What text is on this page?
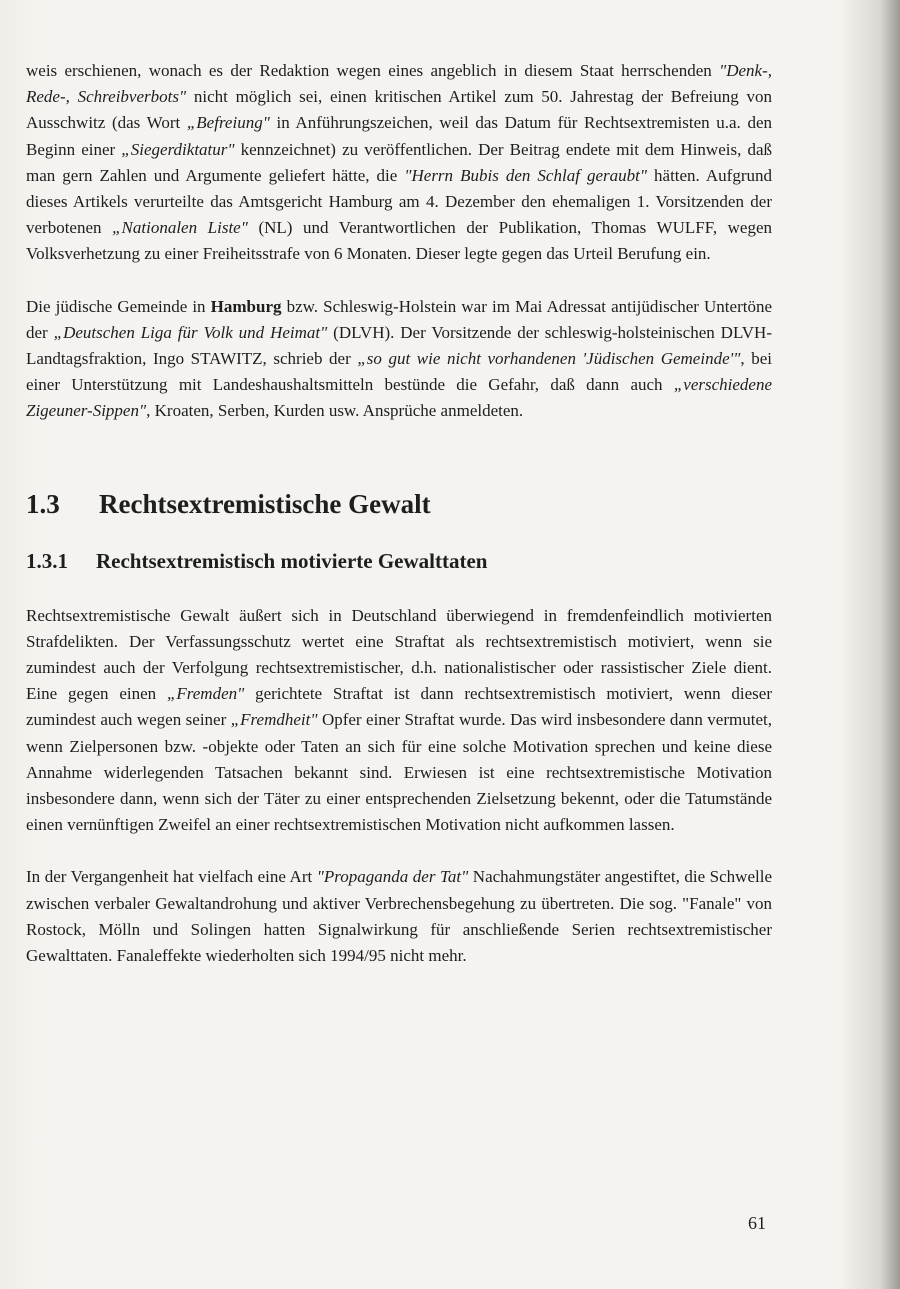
weis erschienen, wonach es der Redaktion wegen eines angeblich in diesem Staat herrschenden "Denk-, Rede-, Schreibverbots" nicht möglich sei, einen kritischen Artikel zum 50. Jahrestag der Befreiung von Ausschwitz (das Wort „Befreiung" in Anführungszeichen, weil das Datum für Rechtsextremisten u.a. den Beginn einer „Siegerdiktatur" kennzeichnet) zu veröffentlichen. Der Beitrag endete mit dem Hinweis, daß man gern Zahlen und Argumente geliefert hätte, die "Herrn Bubis den Schlaf geraubt" hätten. Aufgrund dieses Artikels verurteilte das Amtsgericht Hamburg am 4. Dezember den ehemaligen 1. Vorsitzenden der verbotenen „Nationalen Liste" (NL) und Verantwortlichen der Publikation, Thomas WULFF, wegen Volksverhetzung zu einer Freiheitsstrafe von 6 Monaten. Dieser legte gegen das Urteil Berufung ein.

Die jüdische Gemeinde in Hamburg bzw. Schleswig-Holstein war im Mai Adressat antijüdischer Untertöne der „Deutschen Liga für Volk und Heimat" (DLVH). Der Vorsitzende der schleswig-holsteinischen DLVH-Landtagsfraktion, Ingo STAWITZ, schrieb der „so gut wie nicht vorhandenen 'Jüdischen Gemeinde'", bei einer Unterstützung mit Landeshaushaltsmitteln bestünde die Gefahr, daß dann auch „verschiedene Zigeuner-Sippen", Kroaten, Serben, Kurden usw. Ansprüche anmeldeten.

1.3 Rechtsextremistische Gewalt
1.3.1 Rechtsextremistisch motivierte Gewalttaten

Rechtsextremistische Gewalt äußert sich in Deutschland überwiegend in fremdenfeindlich motivierten Strafdelikten. Der Verfassungsschutz wertet eine Straftat als rechtsextremistisch motiviert, wenn sie zumindest auch der Verfolgung rechtsextremistischer, d.h. nationalistischer oder rassistischer Ziele dient. Eine gegen einen „Fremden" gerichtete Straftat ist dann rechtsextremistisch motiviert, wenn dieser zumindest auch wegen seiner „Fremdheit" Opfer einer Straftat wurde. Das wird insbesondere dann vermutet, wenn Zielpersonen bzw. -objekte oder Taten an sich für eine solche Motivation sprechen und keine diese Annahme widerlegenden Tatsachen bekannt sind. Erwiesen ist eine rechtsextremistische Motivation insbesondere dann, wenn sich der Täter zu einer entsprechenden Zielsetzung bekennt, oder die Tatumstände einen vernünftigen Zweifel an einer rechtsextremistischen Motivation nicht aufkommen lassen.

In der Vergangenheit hat vielfach eine Art "Propaganda der Tat" Nachahmungstäter angestiftet, die Schwelle zwischen verbaler Gewaltandrohung und aktiver Verbrechensbegehung zu übertreten. Die sog. "Fanale" von Rostock, Mölln und Solingen hatten Signalwirkung für anschließende Serien rechtsextremistischer Gewalttaten. Fanaleffekte wiederholten sich 1994/95 nicht mehr.

61
